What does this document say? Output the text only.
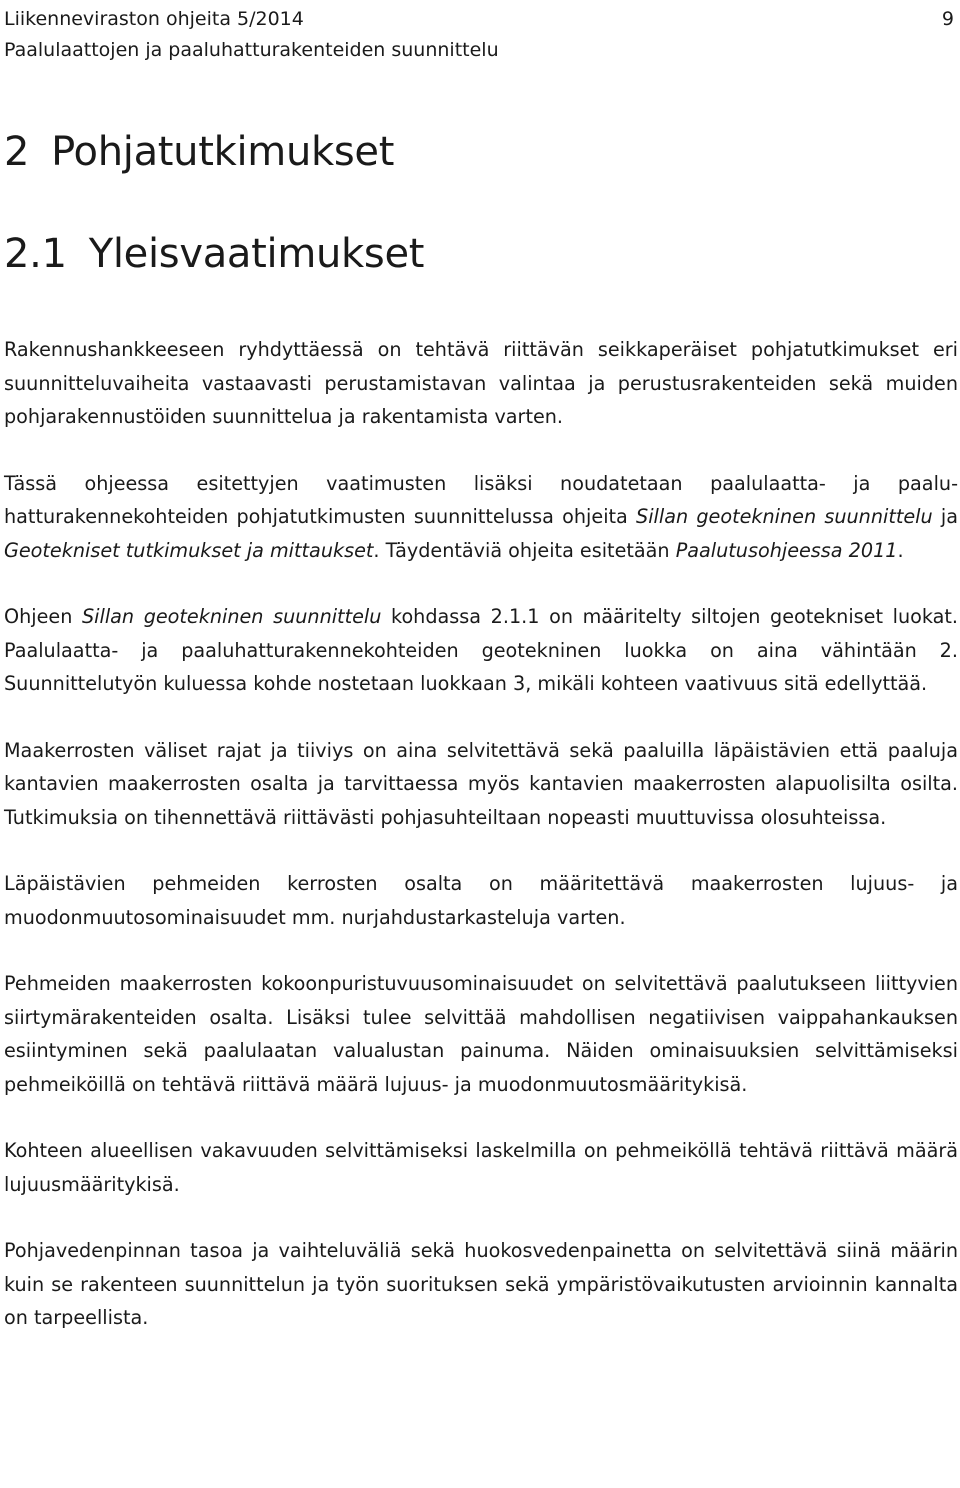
Liikenneviraston ohjeita 5/2014
Paalulaattojen ja paaluhatturakenteiden suunnittelu
9
2 Pohjatutkimukset
2.1 Yleisvaatimukset

Rakennushankkeeseen ryhdyttäessä on tehtävä riittävän seikkaperäiset pohjatutkimukset eri suunnitteluvaiheita vastaavasti perustamistavan valintaa ja perustusrakenteiden sekä muiden pohjarakennustöiden suunnittelua ja rakentamista varten.

Tässä ohjeessa esitettyjen vaatimusten lisäksi noudatetaan paalulaatta- ja paaluhatturakennekohteiden pohjatutkimusten suunnittelussa ohjeita Sillan geotekninen suunnittelu ja Geotekniset tutkimukset ja mittaukset. Täydentäviä ohjeita esitetään Paalutusohjeessa 2011.

Ohjeen Sillan geotekninen suunnittelu kohdassa 2.1.1 on määritelty siltojen geotekniset luokat. Paalulaatta- ja paaluhatturakennekohteiden geotekninen luokka on aina vähintään 2. Suunnittelutyön kuluessa kohde nostetaan luokkaan 3, mikäli kohteen vaativuus sitä edellyttää.

Maakerrosten väliset rajat ja tiiviys on aina selvitettävä sekä paaluilla läpäistävien että paaluja kantavien maakerrosten osalta ja tarvittaessa myös kantavien maakerrosten alapuolisilta osilta. Tutkimuksia on tihennettävä riittävästi pohjasuhteiltaan nopeasti muuttuvissa olosuhteissa.

Läpäistävien pehmeiden kerrosten osalta on määritettävä maakerrosten lujuus- ja muodonmuutosominaisuudet mm. nurjahdustarkasteluja varten.

Pehmeiden maakerrosten kokoonpuristuvuusominaisuudet on selvitettävä paalutukseen liittyvien siirtymärakenteiden osalta. Lisäksi tulee selvittää mahdollisen negatiivisen vaippahankauksen esiintyminen sekä paalulaatan valualustan painuma. Näiden ominaisuuksien selvittämiseksi pehmeiköillä on tehtävä riittävä määrä lujuus- ja muodonmuutosmääritykisä.

Kohteen alueellisen vakavuuden selvittämiseksi laskelmilla on pehmeiköllä tehtävä riittävä määrä lujuusmääritykisä.

Pohjavedenpinnan tasoa ja vaihteluväliä sekä huokosvedenpainetta on selvitettävä siinä määrin kuin se rakenteen suunnittelun ja työn suorituksen sekä ympäristövaikutusten arvioinnin kannalta on tarpeellista.
